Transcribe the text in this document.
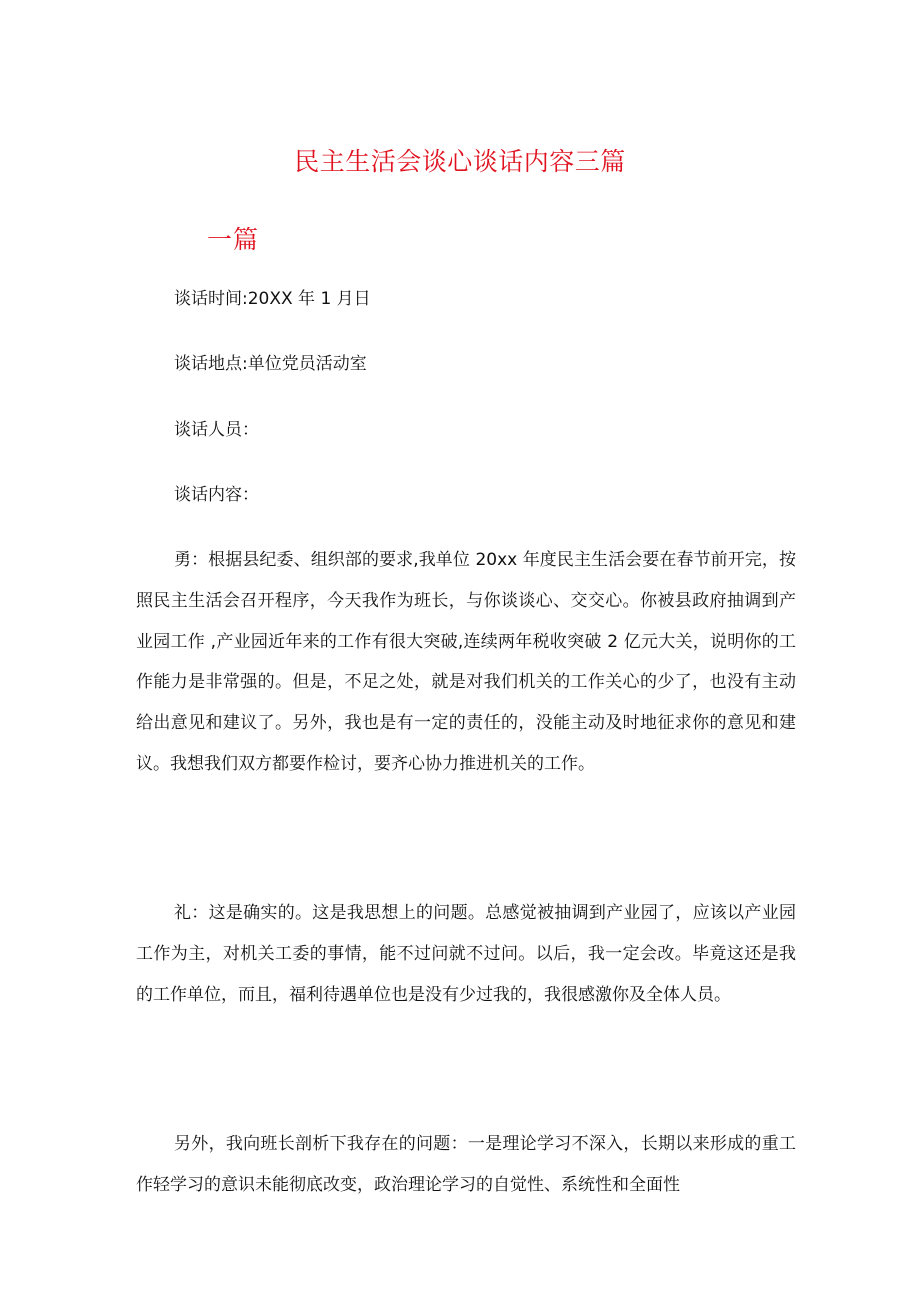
民主生活会谈心谈话内容三篇
一篇
谈话时间:20XX 年 1 月日
谈话地点:单位党员活动室
谈话人员：
谈话内容：

勇：根据县纪委、组织部的要求,我单位 20xx 年度民主生活会要在春节前开完，按照民主生活会召开程序，今天我作为班长，与你谈谈心、交交心。你被县政府抽调到产业园工作 ,产业园近年来的工作有很大突破,连续两年税收突破 2 亿元大关，说明你的工作能力是非常强的。但是，不足之处，就是对我们机关的工作关心的少了，也没有主动给出意见和建议了。另外，我也是有一定的责任的，没能主动及时地征求你的意见和建议。我想我们双方都要作检讨，要齐心协力推进机关的工作。

礼：这是确实的。这是我思想上的问题。总感觉被抽调到产业园了，应该以产业园工作为主，对机关工委的事情，能不过问就不过问。以后，我一定会改。毕竟这还是我的工作单位，而且，福利待遇单位也是没有少过我的，我很感激你及全体人员。

另外，我向班长剖析下我存在的问题：一是理论学习不深入，长期以来形成的重工作轻学习的意识未能彻底改变，政治理论学习的自觉性、系统性和全面性
